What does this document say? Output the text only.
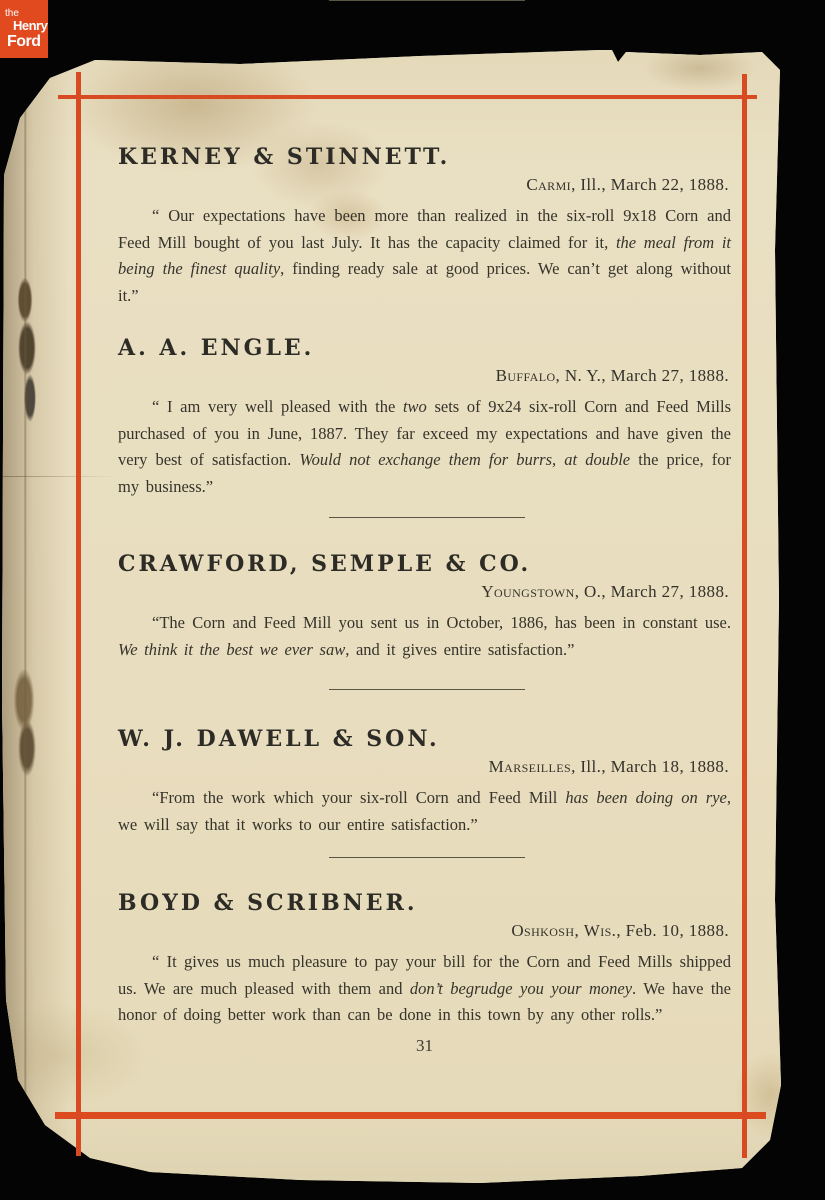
31
KERNEY & STINNETT.
Carmi, Ill., March 22, 1888.

“ Our expectations have been more than realized in the six-roll 9x18 Corn and Feed Mill bought of you last July. It has the capacity claimed for it, the meal from it being the finest quality, finding ready sale at good prices. We can’t get along without it.”

A. A. ENGLE.
Buffalo, N. Y., March 27, 1888.

“ I am very well pleased with the two sets of 9x24 six-roll Corn and Feed Mills purchased of you in June, 1887. They far exceed my expectations and have given the very best of satisfaction. Would not exchange them for burrs, at double the price, for my business.”

CRAWFORD, SEMPLE & CO.
Youngstown, O., March 27, 1888.

“The Corn and Feed Mill you sent us in October, 1886, has been in constant use. We think it the best we ever saw, and it gives entire satisfaction.”

W. J. DAWELL & SON.
Marseilles, Ill., March 18, 1888.

“From the work which your six-roll Corn and Feed Mill has been doing on rye, we will say that it works to our entire satisfaction.”

BOYD & SCRIBNER.
Oshkosh, Wis., Feb. 10, 1888.

“ It gives us much pleasure to pay your bill for the Corn and Feed Mills shipped us. We are much pleased with them and don’t begrudge you your money. We have the honor of doing better work than can be done in this town by any other rolls.”

the
Henry
Ford
